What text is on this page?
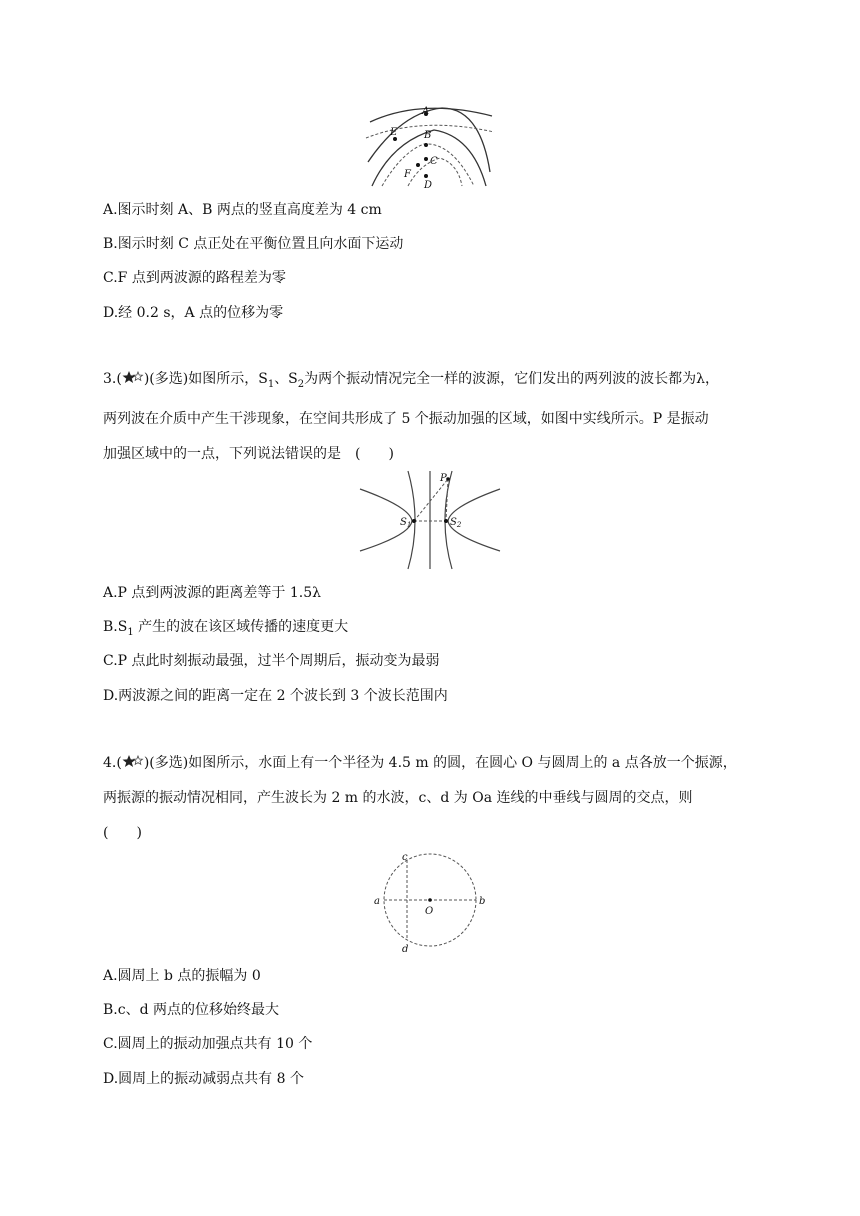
A
B
C
D
E
F
A.图示时刻 A、B 两点的竖直高度差为 4 cm
B.图示时刻 C 点正处在平衡位置且向水面下运动
C.F 点到两波源的路程差为零
D.经 0.2 s，A 点的位移为零
3.( )(多选)如图所示，$S_1$、$S_2$为两个振动情况完全一样的波源，它们发出的两列波的波长都为λ，
两列波在介质中产生干涉现象，在空间共形成了 5 个振动加强的区域，如图中实线所示。P 是振动
加强区域中的一点，下列说法错误的是　(　　)
P
$S_1$	$S_2$
A.P 点到两波源的距离差等于 1.5λ
$B.S_1$ 产生的波在该区域传播的速度更大
C.P 点此时刻振动最强，过半个周期后，振动变为最弱
D.两波源之间的距离一定在 2 个波长到 3 个波长范围内
4.( )(多选)如图所示，水面上有一个半径为 4.5 m 的圆，在圆心 O 与圆周上的 a 点各放一个振源，
两振源的振动情况相同，产生波长为 2 m 的水波，c、d 为 Oa 连线的中垂线与圆周的交点，则
(　　)
a	b
c
d
O
A.圆周上 b 点的振幅为 0
B.c、d 两点的位移始终最大
C.圆周上的振动加强点共有 10 个
D.圆周上的振动减弱点共有 8 个
